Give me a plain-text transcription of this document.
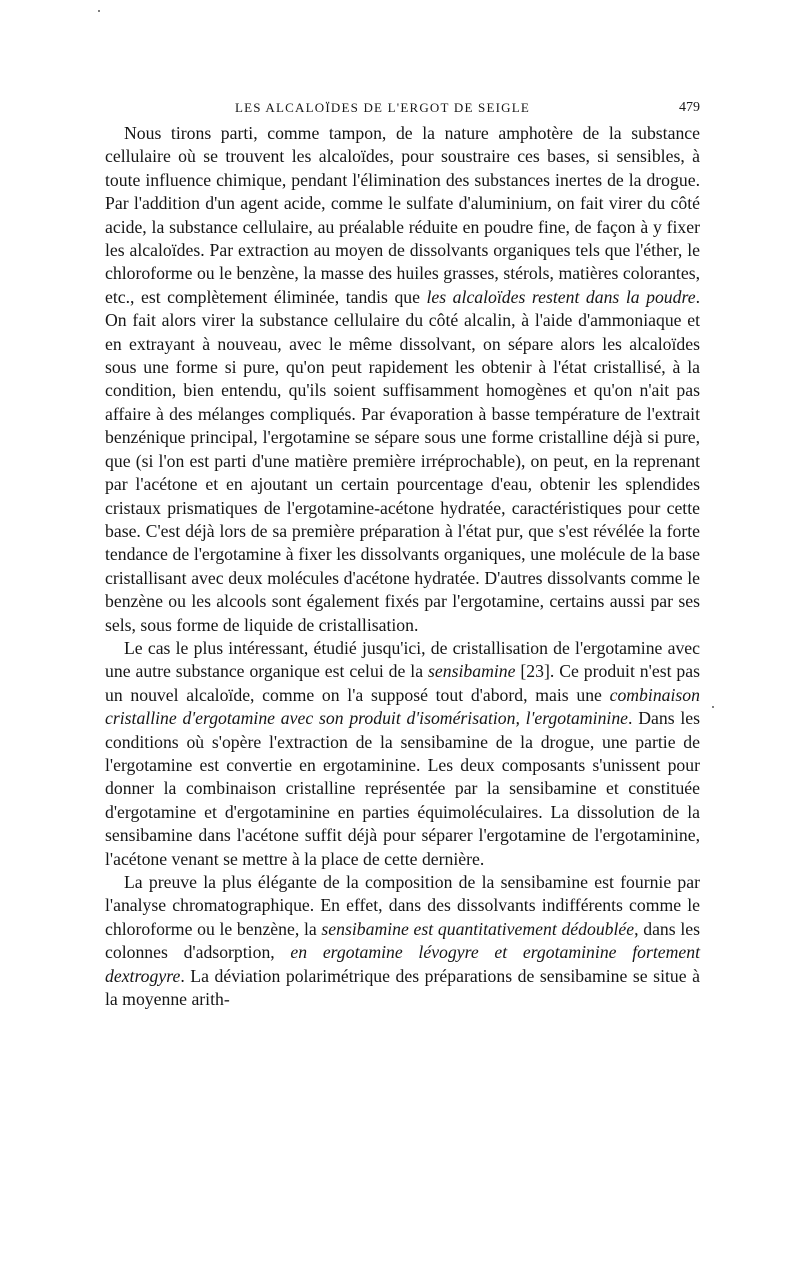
LES ALCALOÏDES DE L'ERGOT DE SEIGLE	479

Nous tirons parti, comme tampon, de la nature amphotère de la substance cellulaire où se trouvent les alcaloïdes, pour soustraire ces bases, si sensibles, à toute influence chimique, pendant l'élimination des substances inertes de la drogue. Par l'addition d'un agent acide, comme le sulfate d'aluminium, on fait virer du côté acide, la substance cellulaire, au préalable réduite en poudre fine, de façon à y fixer les alcaloïdes. Par extraction au moyen de dissolvants organiques tels que l'éther, le chloroforme ou le benzène, la masse des huiles grasses, stérols, matières colorantes, etc., est complètement éliminée, tandis que les alcaloïdes restent dans la poudre. On fait alors virer la substance cellulaire du côté alcalin, à l'aide d'ammoniaque et en extrayant à nouveau, avec le même dissolvant, on sépare alors les alcaloïdes sous une forme si pure, qu'on peut rapidement les obtenir à l'état cristallisé, à la condition, bien entendu, qu'ils soient suffisamment homogènes et qu'on n'ait pas affaire à des mélanges compliqués. Par évaporation à basse température de l'extrait benzénique principal, l'ergotamine se sépare sous une forme cristalline déjà si pure, que (si l'on est parti d'une matière première irréprochable), on peut, en la reprenant par l'acétone et en ajoutant un certain pourcentage d'eau, obtenir les splendides cristaux prismatiques de l'ergotamine-acétone hydratée, caractéristiques pour cette base. C'est déjà lors de sa première préparation à l'état pur, que s'est révélée la forte tendance de l'ergotamine à fixer les dissolvants organiques, une molécule de la base cristallisant avec deux molécules d'acétone hydratée. D'autres dissolvants comme le benzène ou les alcools sont également fixés par l'ergotamine, certains aussi par ses sels, sous forme de liquide de cristallisation.

Le cas le plus intéressant, étudié jusqu'ici, de cristallisation de l'ergotamine avec une autre substance organique est celui de la sensibamine [23]. Ce produit n'est pas un nouvel alcaloïde, comme on l'a supposé tout d'abord, mais une combinaison cristalline d'ergotamine avec son produit d'isomérisation, l'ergotaminine. Dans les conditions où s'opère l'extraction de la sensibamine de la drogue, une partie de l'ergotamine est convertie en ergotaminine. Les deux composants s'unissent pour donner la combinaison cristalline représentée par la sensibamine et constituée d'ergotamine et d'ergotaminine en parties équimoléculaires. La dissolution de la sensibamine dans l'acétone suffit déjà pour séparer l'ergotamine de l'ergotaminine, l'acétone venant se mettre à la place de cette dernière.

La preuve la plus élégante de la composition de la sensibamine est fournie par l'analyse chromatographique. En effet, dans des dissolvants indifférents comme le chloroforme ou le benzène, la sensibamine est quantitativement dédoublée, dans les colonnes d'adsorption, en ergotamine lévogyre et ergotaminine fortement dextrogyre. La déviation polarimétrique des préparations de sensibamine se situe à la moyenne arith-
